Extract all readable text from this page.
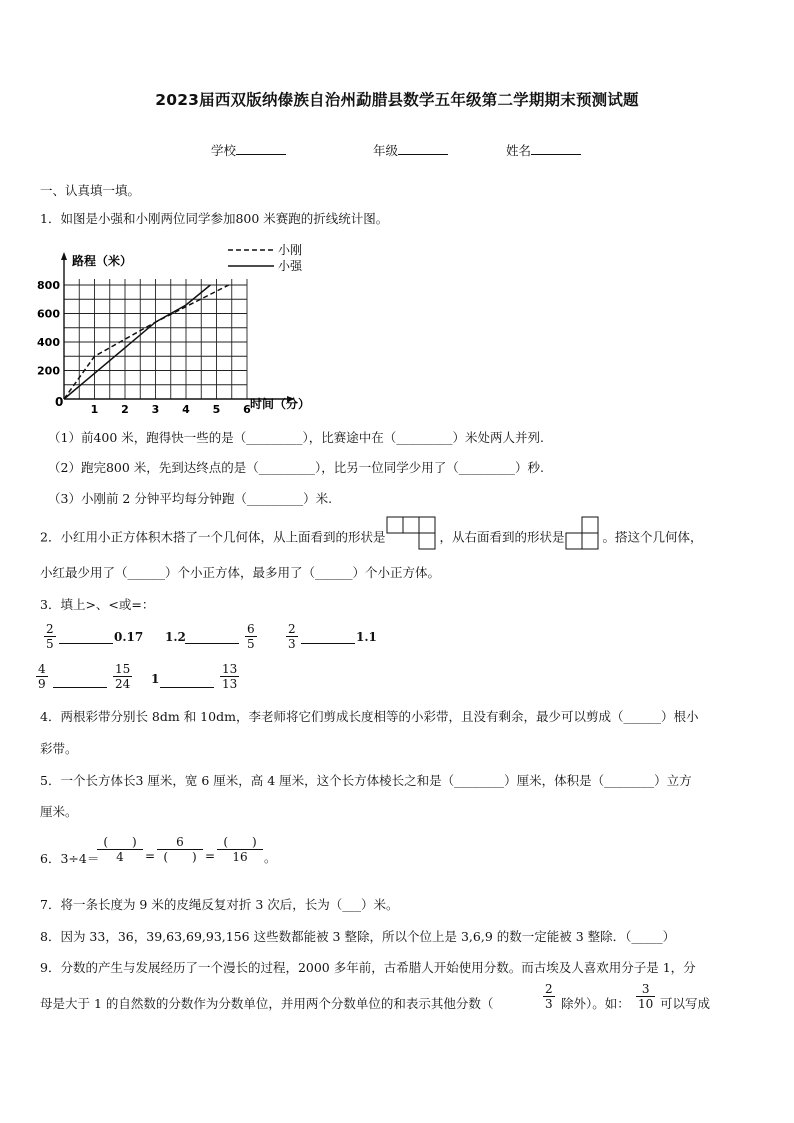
2023届西双版纳傣族自治州勐腊县数学五年级第二学期期末预测试题
学校	年级	姓名
一、认真填一填。
1．如图是小强和小刚两位同学参加800 米赛跑的折线统计图。
路程（米）
时间（分）
0
200
400
600
800
1 2 3 4 5 6
小刚
小强
（1）前400 米，跑得快一些的是（_________），比赛途中在（_________）米处两人并列.
（2）跑完800 米，先到达终点的是（_________），比另一位同学少用了（_________）秒.
（3）小刚前 2 分钟平均每分钟跑（_________）米.
2．小红用小正方体积木搭了一个几何体，从上面看到的形状是	，从右面看到的形状是	。搭这个几何体，
小红最少用了（______）个小正方体，最多用了（______）个小正方体。
3．填上>、<或=：
$\frac{2}{5}$	0.17 1.2	$\frac{6}{5} \frac{2}{3}$	1.1
$\frac{4}{9}$	$\frac{15}{24} 1$	$\frac{13}{13}$
4．两根彩带分别长 8dm 和 10dm，李老师将它们剪成长度相等的小彩带，且没有剩余，最少可以剪成（______）根小
彩带。
5．一个长方体长3 厘米，宽 6 厘米，高 4 厘米，这个长方体棱长之和是（________）厘米，体积是（________）立方
厘米。
6．3÷4＝
(　　)
4	=
6
(　　) =
(　　)
16	。
7．将一条长度为 9 米的皮绳反复对折 3 次后，长为（___）米。
8．因为 33，36，39,63,69,93,156 这些数都能被 3 整除，所以个位上是 3,6,9 的数一定能被 3 整除．（_____）
9．分数的产生与发展经历了一个漫长的过程，2000 多年前，古希腊人开始使用分数。而古埃及人喜欢用分子是 1，分
母是大于 1 的自然数的分数作为分数单位，并用两个分数单位的和表示其他分数（	$\frac{2}{3}$ 除外）。如： $\frac{3}{10}$ 可以写成
